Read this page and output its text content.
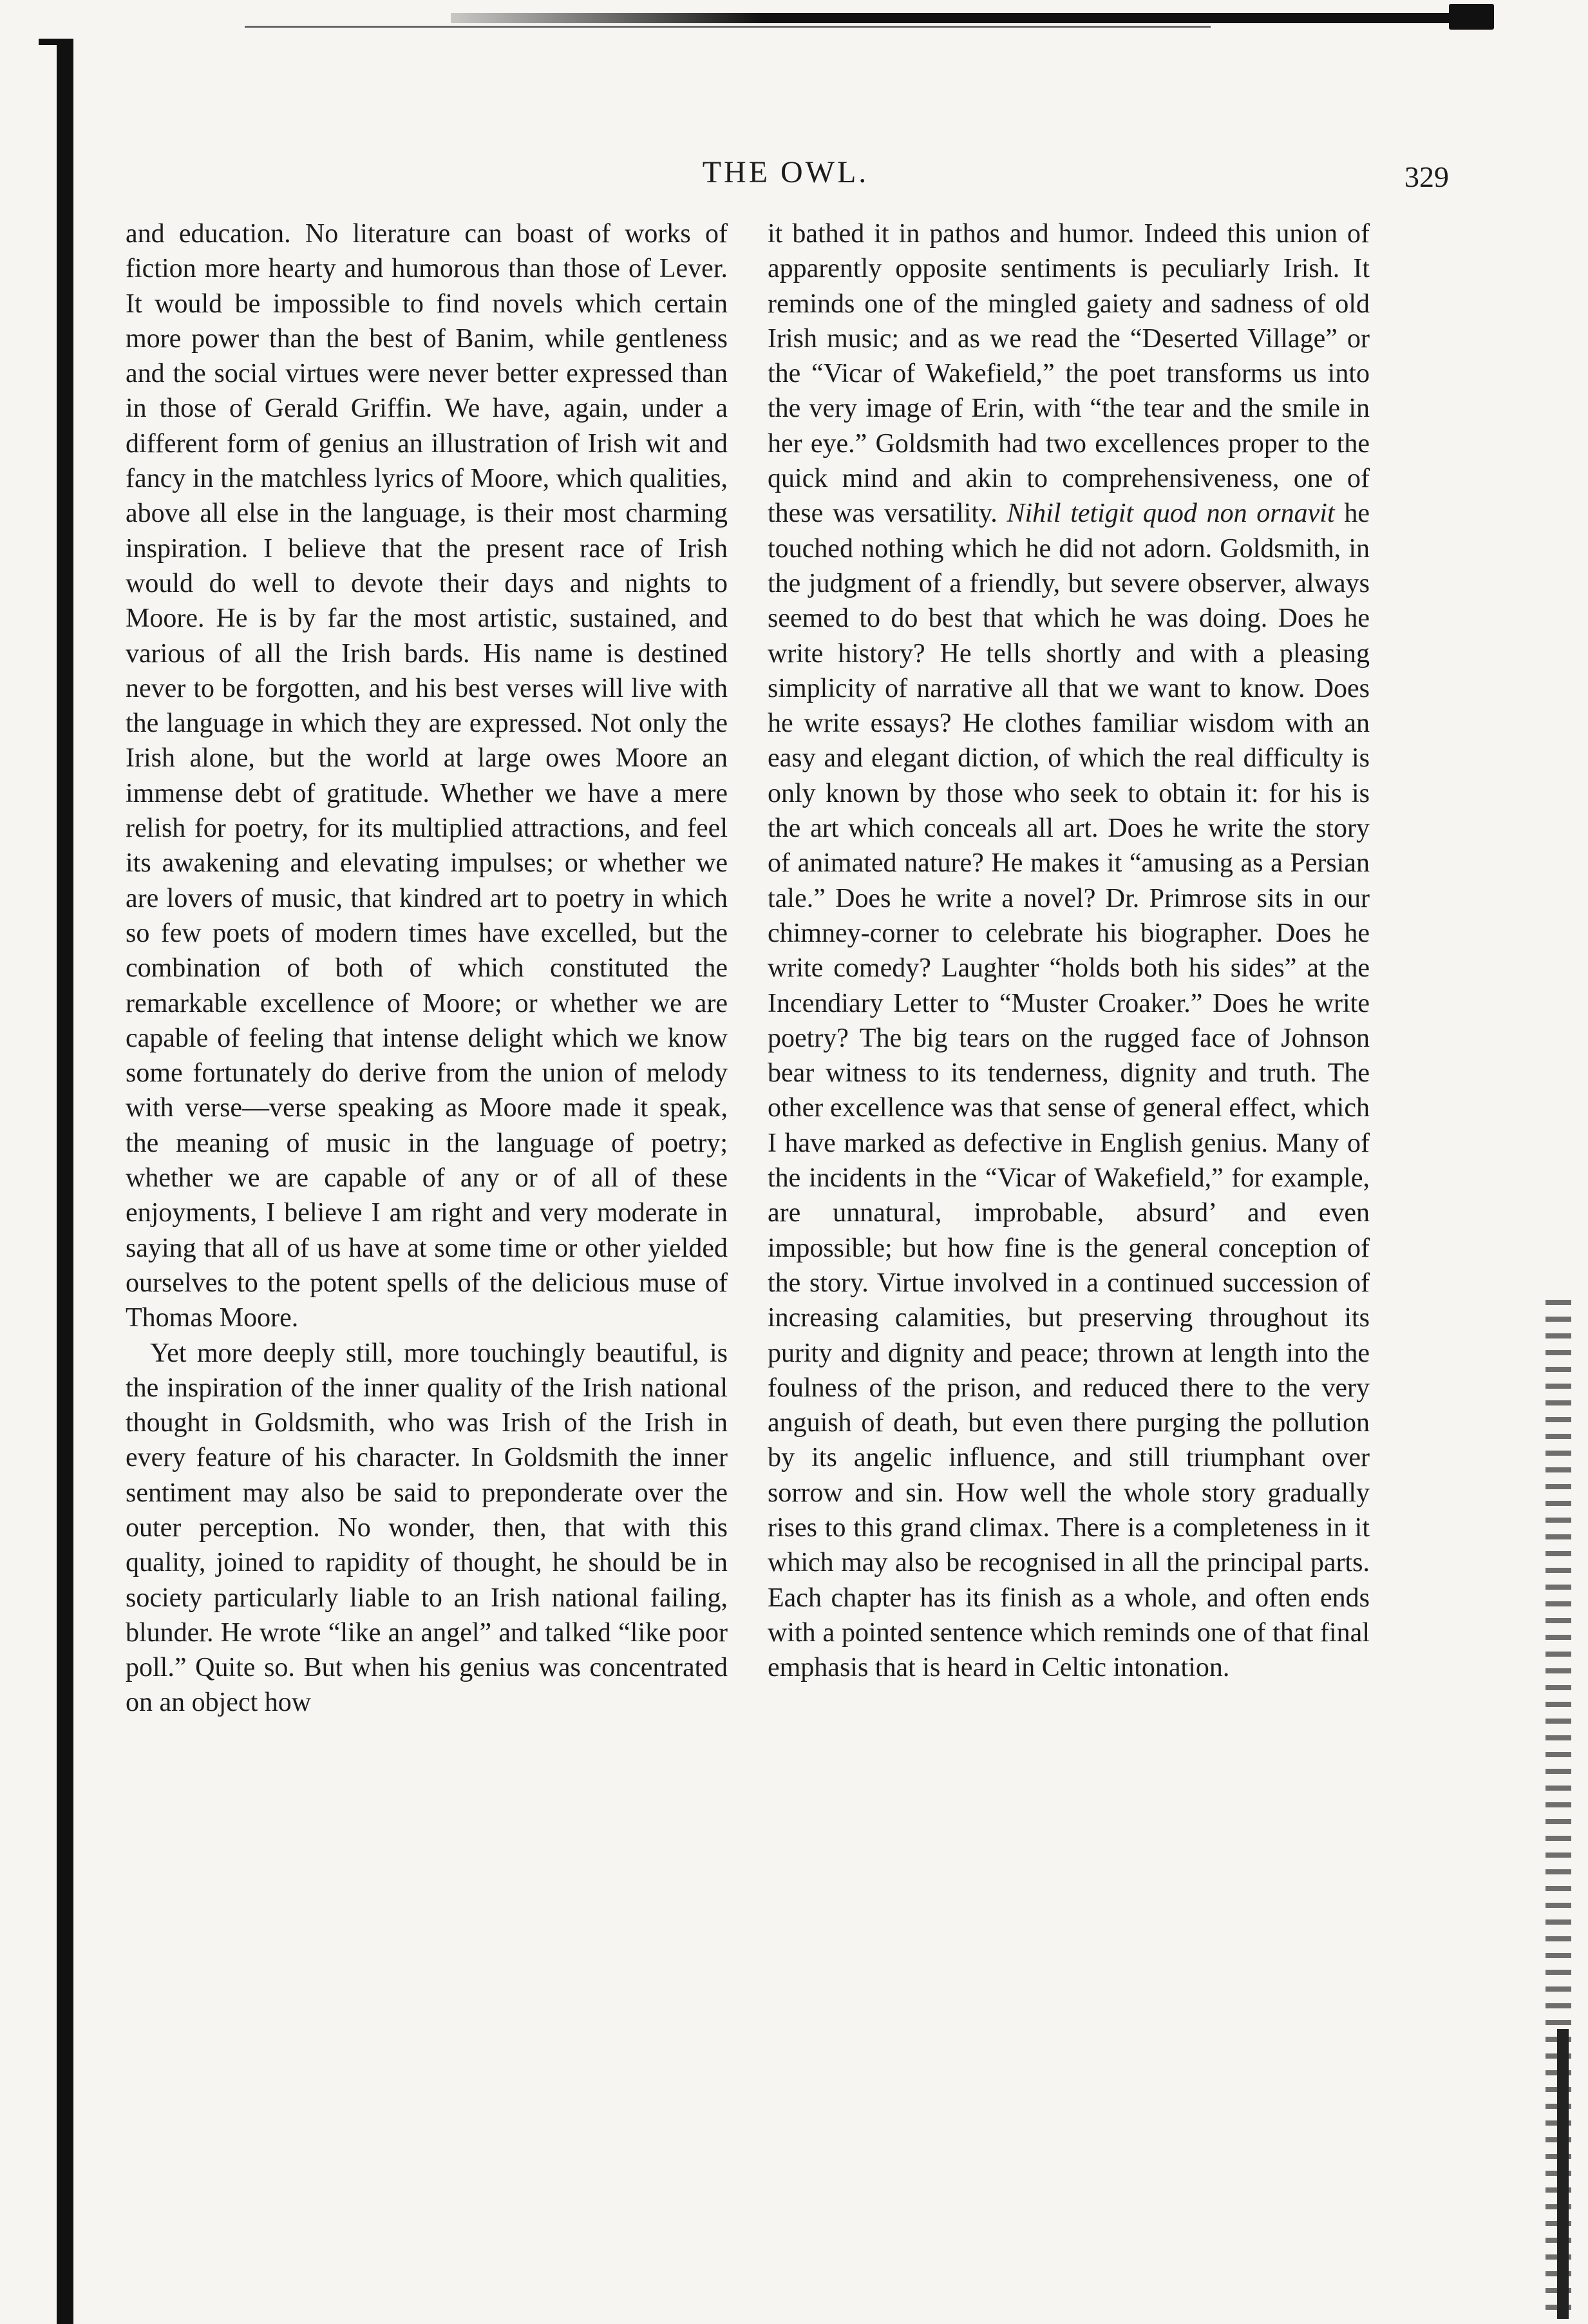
THE OWL.	329

and education. No literature can boast of works of fiction more hearty and humorous than those of Lever. It would be impossible to find novels which certain more power than the best of Banim, while gentleness and the social virtues were never better expressed than in those of Gerald Griffin. We have, again, under a different form of genius an illustration of Irish wit and fancy in the matchless lyrics of Moore, which qualities, above all else in the language, is their most charming inspiration. I believe that the present race of Irish would do well to devote their days and nights to Moore. He is by far the most artistic, sustained, and various of all the Irish bards. His name is destined never to be forgotten, and his best verses will live with the language in which they are expressed. Not only the Irish alone, but the world at large owes Moore an immense debt of gratitude. Whether we have a mere relish for poetry, for its multiplied attractions, and feel its awakening and elevating impulses; or whether we are lovers of music, that kindred art to poetry in which so few poets of modern times have excelled, but the combination of both of which constituted the remarkable excellence of Moore; or whether we are capable of feeling that intense delight which we know some fortunately do derive from the union of melody with verse—verse speaking as Moore made it speak, the meaning of music in the language of poetry; whether we are capable of any or of all of these enjoyments, I believe I am right and very moderate in saying that all of us have at some time or other yielded ourselves to the potent spells of the delicious muse of Thomas Moore.

Yet more deeply still, more touchingly beautiful, is the inspiration of the inner quality of the Irish national thought in Goldsmith, who was Irish of the Irish in every feature of his character. In Goldsmith the inner sentiment may also be said to preponderate over the outer perception. No wonder, then, that with this quality, joined to rapidity of thought, he should be in society particularly liable to an Irish national failing, blunder. He wrote “like an angel” and talked “like poor poll.” Quite so. But when his genius was concentrated on an object how

it bathed it in pathos and humor. Indeed this union of apparently opposite sentiments is peculiarly Irish. It reminds one of the mingled gaiety and sadness of old Irish music; and as we read the “Deserted Village” or the “Vicar of Wakefield,” the poet transforms us into the very image of Erin, with “the tear and the smile in her eye.” Goldsmith had two excellences proper to the quick mind and akin to comprehensiveness, one of these was versatility. Nihil tetigit quod non ornavit he touched nothing which he did not adorn. Goldsmith, in the judgment of a friendly, but severe observer, always seemed to do best that which he was doing. Does he write history? He tells shortly and with a pleasing simplicity of narrative all that we want to know. Does he write essays? He clothes familiar wisdom with an easy and elegant diction, of which the real difficulty is only known by those who seek to obtain it: for his is the art which conceals all art. Does he write the story of animated nature? He makes it “amusing as a Persian tale.” Does he write a novel? Dr. Primrose sits in our chimney-corner to celebrate his biographer. Does he write comedy? Laughter “holds both his sides” at the Incendiary Letter to “Muster Croaker.” Does he write poetry? The big tears on the rugged face of Johnson bear witness to its tenderness, dignity and truth. The other excellence was that sense of general effect, which I have marked as defective in English genius. Many of the incidents in the “Vicar of Wakefield,” for example, are unnatural, improbable, absurd’ and even impossible; but how fine is the general conception of the story. Virtue involved in a continued succession of increasing calamities, but preserving throughout its purity and dignity and peace; thrown at length into the foulness of the prison, and reduced there to the very anguish of death, but even there purging the pollution by its angelic influence, and still triumphant over sorrow and sin. How well the whole story gradually rises to this grand climax. There is a completeness in it which may also be recognised in all the principal parts. Each chapter has its finish as a whole, and often ends with a pointed sentence which reminds one of that final emphasis that is heard in Celtic intonation.
